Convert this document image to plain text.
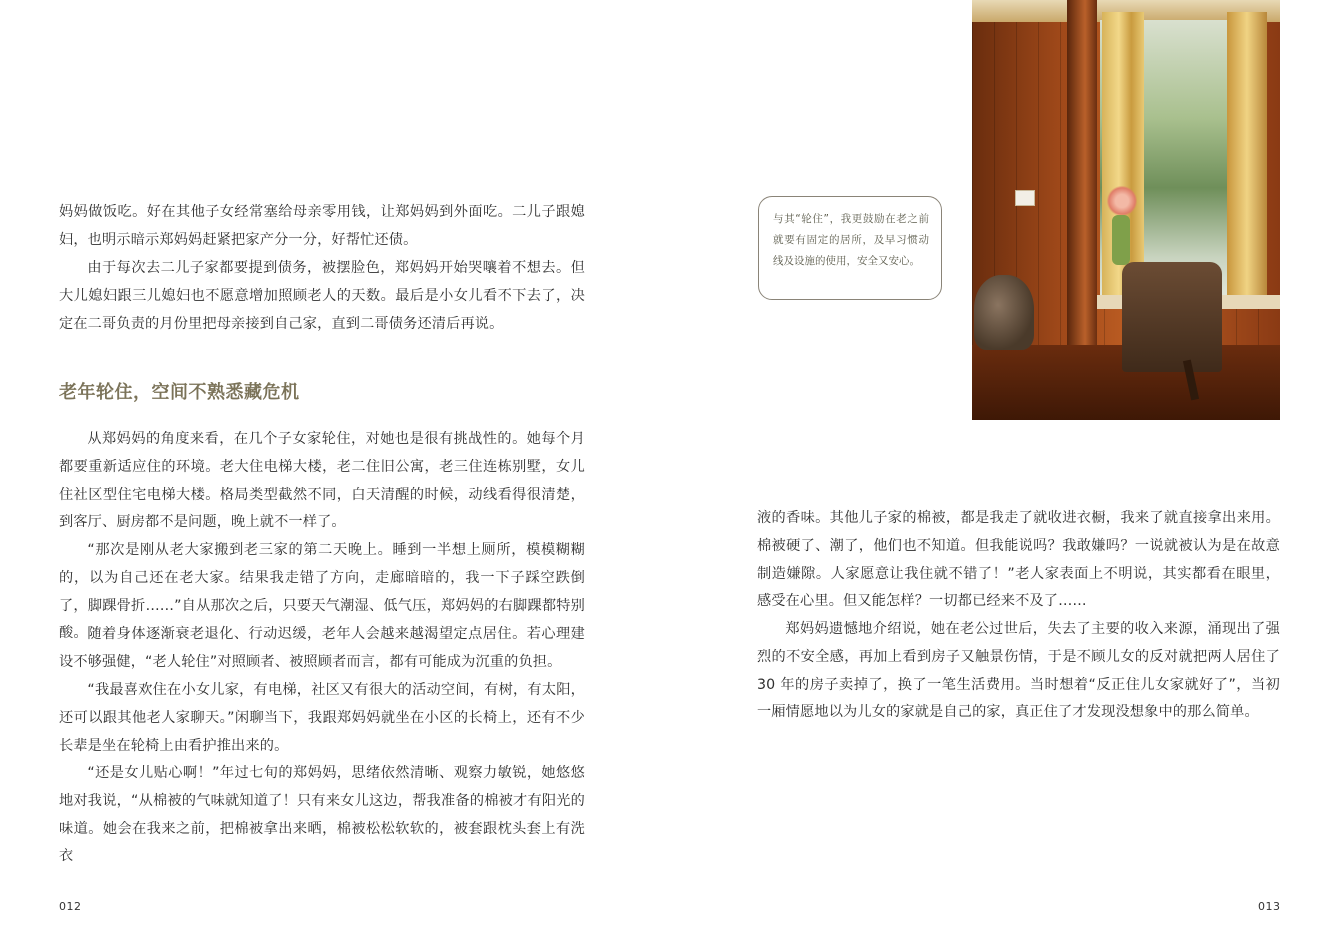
妈妈做饭吃。好在其他子女经常塞给母亲零用钱，让郑妈妈到外面吃。二儿子跟媳妇，也明示暗示郑妈妈赶紧把家产分一分，好帮忙还债。

由于每次去二儿子家都要提到债务，被摆脸色，郑妈妈开始哭嚷着不想去。但大儿媳妇跟三儿媳妇也不愿意增加照顾老人的天数。最后是小女儿看不下去了，决定在二哥负责的月份里把母亲接到自己家，直到二哥债务还清后再说。

老年轮住，空间不熟悉藏危机

从郑妈妈的角度来看，在几个子女家轮住，对她也是很有挑战性的。她每个月都要重新适应住的环境。老大住电梯大楼，老二住旧公寓，老三住连栋别墅，女儿住社区型住宅电梯大楼。格局类型截然不同，白天清醒的时候，动线看得很清楚，到客厅、厨房都不是问题，晚上就不一样了。

“那次是刚从老大家搬到老三家的第二天晚上。睡到一半想上厕所，模模糊糊的，以为自己还在老大家。结果我走错了方向，走廊暗暗的，我一下子踩空跌倒了，脚踝骨折……”自从那次之后，只要天气潮湿、低气压，郑妈妈的右脚踝都特别酸。 随着身体逐渐衰老退化、行动迟缓，老年人会越来越渴望定点居住。若心理建设不够强健，“老人轮住”对照顾者、被照顾者而言，都有可能成为沉重的负担。

“我最喜欢住在小女儿家，有电梯，社区又有很大的活动空间，有树，有太阳，还可以跟其他老人家聊天。”闲聊当下，我跟郑妈妈就坐在小区的长椅上，还有不少长辈是坐在轮椅上由看护推出来的。

“还是女儿贴心啊！”年过七旬的郑妈妈，思绪依然清晰、观察力敏锐，她悠悠地对我说，“从棉被的气味就知道了！只有来女儿这边，帮我准备的棉被才有阳光的味道。她会在我来之前，把棉被拿出来晒，棉被松松软软的，被套跟枕头套上有洗衣

012

与其“轮住”，我更鼓励在老之前就要有固定的居所，及早习惯动线及设施的使用，安全又安心。

液的香味。其他儿子家的棉被，都是我走了就收进衣橱，我来了就直接拿出来用。棉被硬了、潮了，他们也不知道。但我能说吗？我敢嫌吗？一说就被认为是在故意制造嫌隙。人家愿意让我住就不错了！”老人家表面上不明说，其实都看在眼里，感受在心里。但又能怎样？一切都已经来不及了……

郑妈妈遗憾地介绍说，她在老公过世后，失去了主要的收入来源，涌现出了强烈的不安全感，再加上看到房子又触景伤情，于是不顾儿女的反对就把两人居住了 30 年的房子卖掉了，换了一笔生活费用。当时想着“反正住儿女家就好了”，当初一厢情愿地以为儿女的家就是自己的家，真正住了才发现没想象中的那么简单。

013
